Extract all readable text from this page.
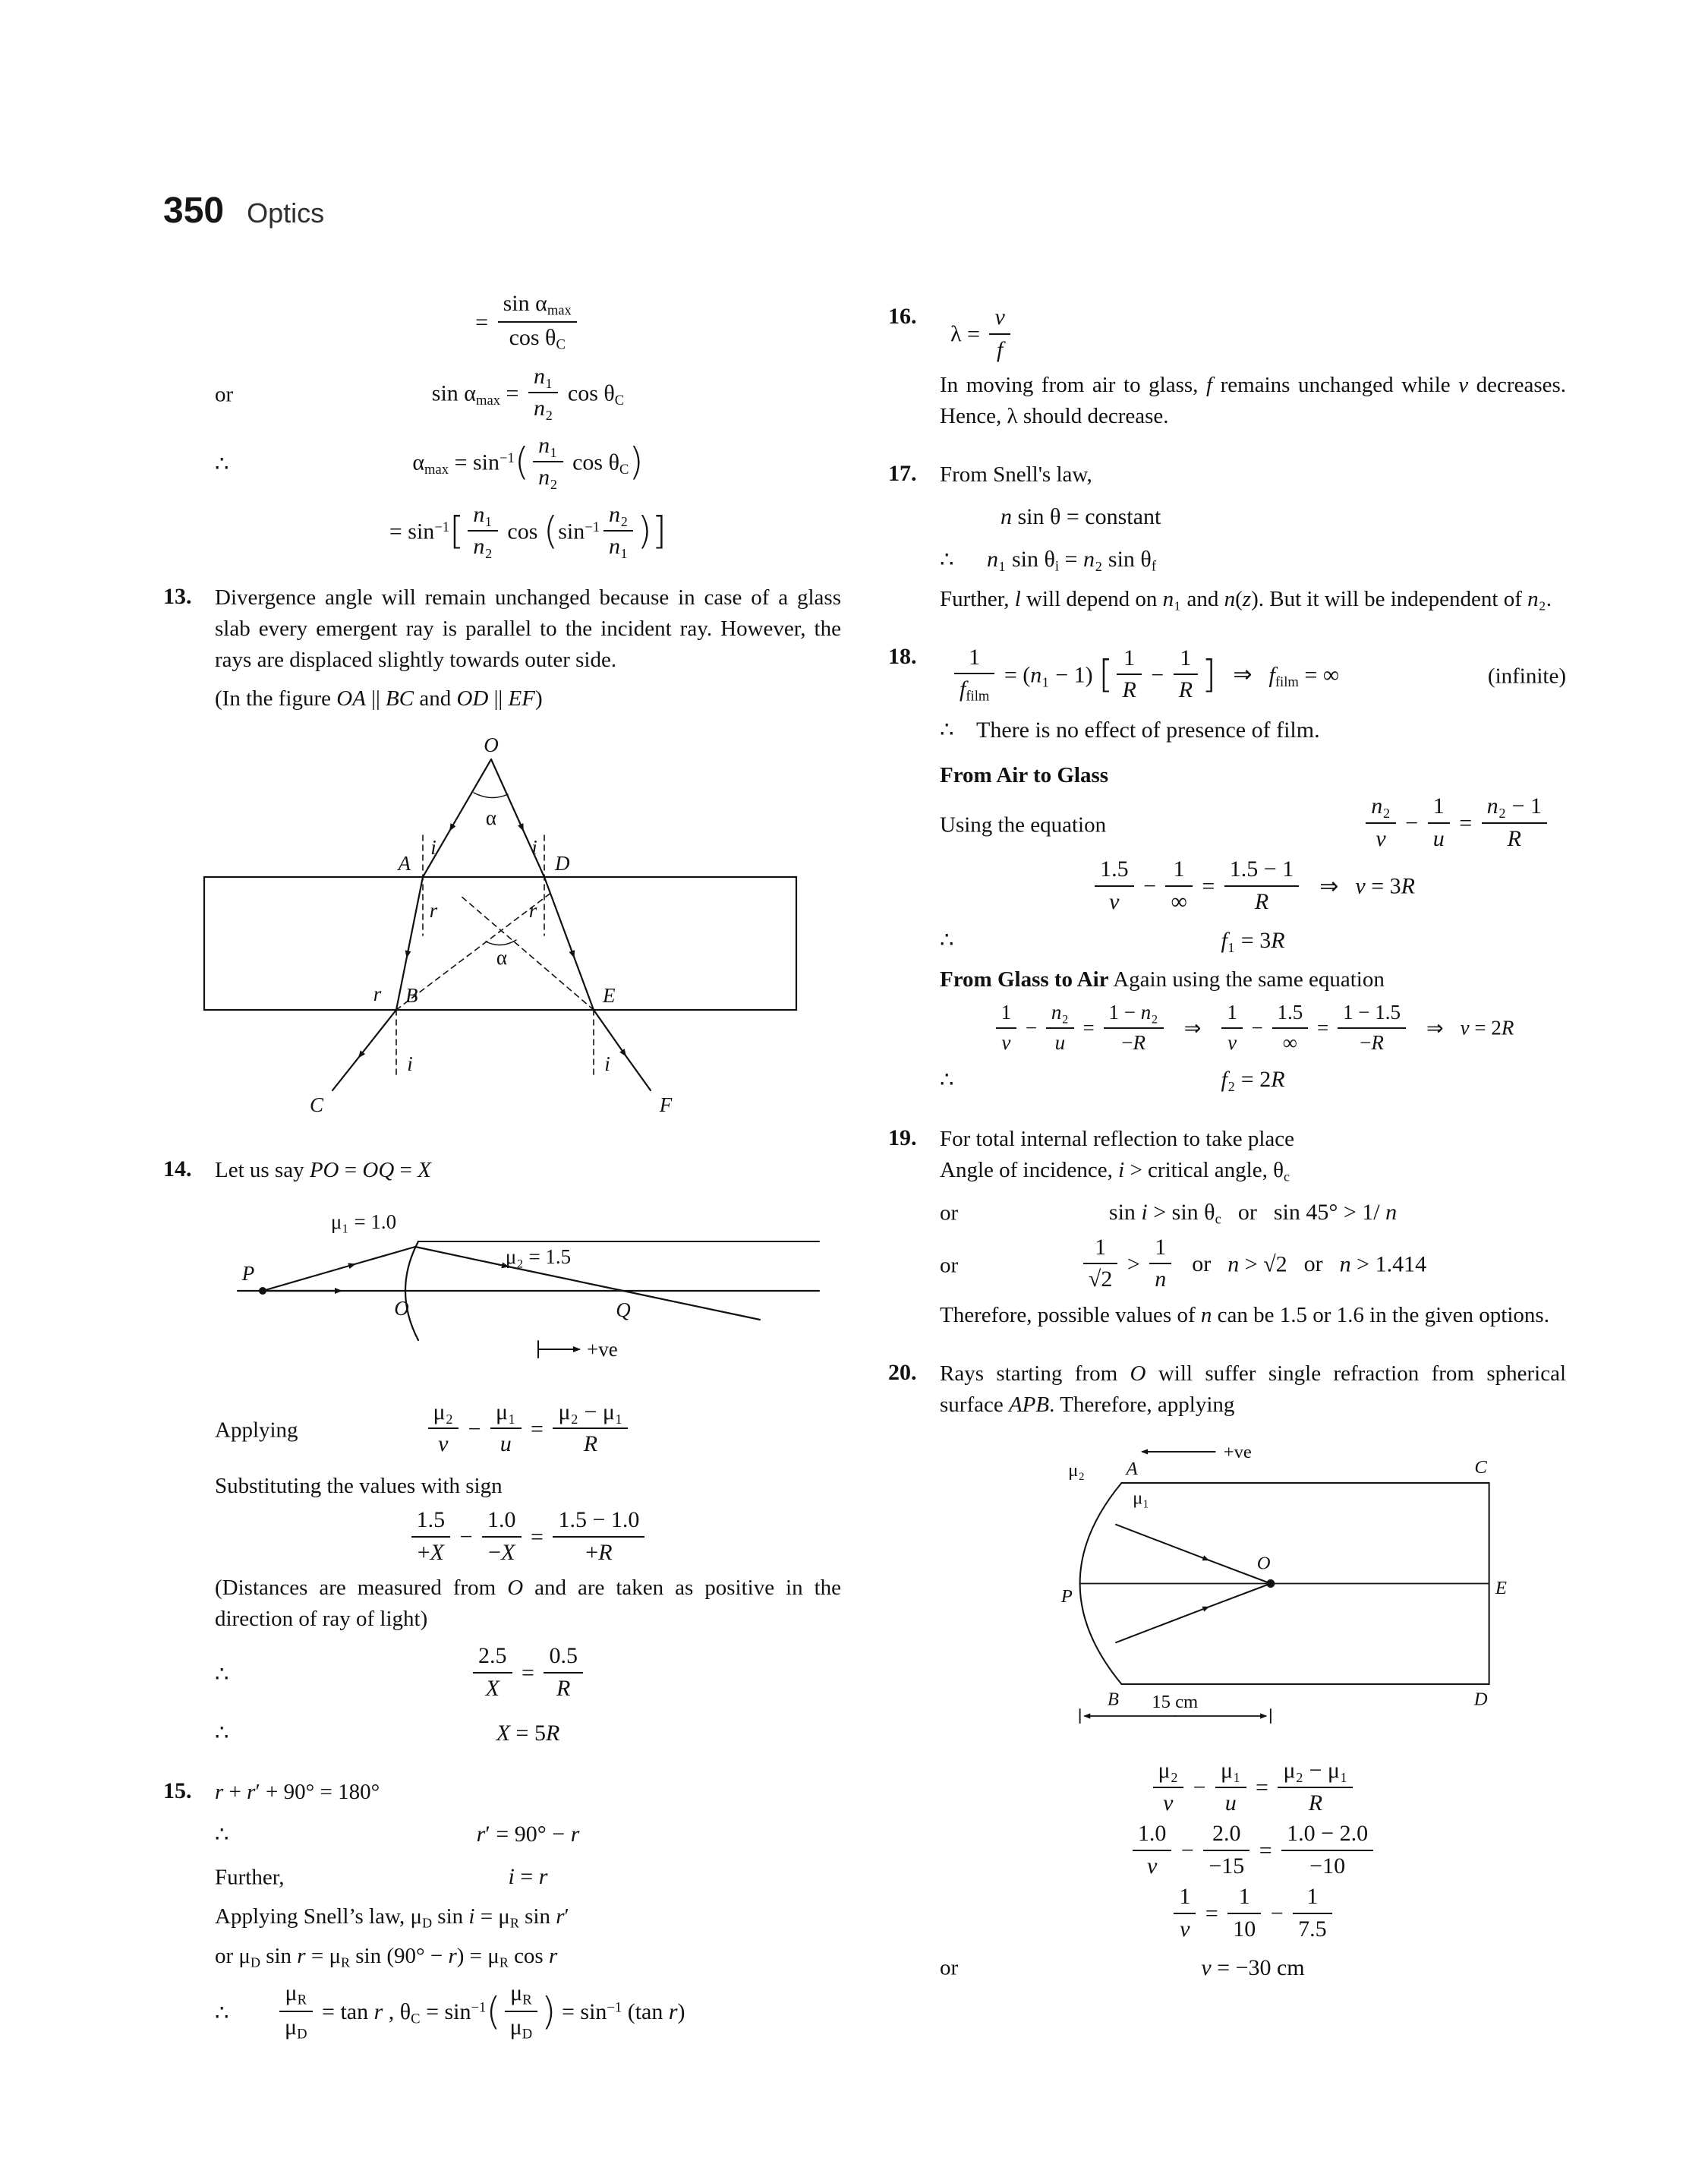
350 Optics
= $\frac{\text{sin αmax}}{\text{cos θC}}$
or	$\sin \alpha\max = \frac{\text{n₁}}{\text{n₂}}$ cos θC
∴	$\alpha\max = \sin^{-1}( \frac{\text{n₁}}{\text{n₂}}$ cos θC)
= $\sin^{-1}[ \frac{\text{n₁}}{\text{n₂}}$ $\cos (\sin^{-1} \frac{\text{n₂}}{\text{n₁}}$ )]
13.	Divergence angle will remain unchanged because in case of a glass slab every emergent ray is parallel to the incident ray. However, the rays are displaced slightly towards outer side.

(In the figure OA || BC and OD || EF)

O
α
i	i
A	D
r	r
α
r B	E
i	i
C	F
14.	Let us say PO = OQ = X

P
O	Q
μ₁ = 1.0
μ₂ = 1.5
+ve
Applying	$\frac{\text{μ₂}}{v} - \frac{\text{μ₁}}{u} = \frac{\text{μ₂ − μ₁}}{R}$

Substituting the values with sign

$\frac{1.5}{+X} - \frac{1.0}{-X} = \frac{1.5 - 1.0}{+R}$

(Distances are measured from O and are taken as positive in the direction of ray of light)

∴	$\frac{2.5}{X} = \frac{0.5}{R}$
∴	X = 5R
15.	r + r′ + 90° = 180°

∴	r′ = 90° − r
Further,	i = r

Applying Snell’s law, μD sin i = μR sin r′

or μD sin r = μR sin (90° − r) = μR cos r

∴ $\frac{\mu R}{\mu D} = \tan r$ , $\theta C = \sin^{-1}( \frac{\mu R}{\mu D}$ ) = $\sin^{-1} (\tan$ r)
16.
$\lambda = \frac{v}{f}$

In moving from air to glass, f remains unchanged while v decreases. Hence, λ should decrease.

17.	From Snell's law,

n sin θ = constant
∴ n₁ sin θi = n₂ sin θf

Further, l will depend on n₁ and n(z). But it will be independent of n₂.

18.	$\frac{1}{\text{ffilm}} = (n_1 - 1)$ [ $\frac{1}{R} - \frac{1}{R}$ ] ⇒ ffilm = ∞	(infinite)
∴ There is no effect of presence of film.

From Air to Glass

Using the equation	$\frac{\text{n₂}}{v} - \frac{1}{u} = \frac{\text{n₂ − 1}}{R}$
$\frac{1.5}{v} - \frac{1}{\infty} = \frac{1.5 - 1}{R}$ ⇒ v = 3R
∴	f₁ = 3R

From Glass to Air Again using the same equation

$\frac{1}{v} - \frac{\text{n₂}}{u} = \frac{\text{1 − n₂}}{-R}$ ⇒ $\frac{1}{v} - \frac{1.5}{\infty} = \frac{1 - 1.5}{-R}$ ⇒ v = 2R
∴	f₂ = 2R
19.	For total internal reflection to take place

Angle of incidence, i > critical angle, θc

or	sin i > sin θc or sin 45° > 1/ n
or	$\frac{1}{√2} > \frac{1}{n}$ or n > √2 or n > 1.414

Therefore, possible values of n can be 1.5 or 1.6 in the given options.

20.	Rays starting from O will suffer single refraction from spherical surface APB. Therefore, applying

+ve
μ₂
μ₁
A	C
P
O
E
B	D
15 cm
$\frac{\text{μ₂}}{v} - \frac{\text{μ₁}}{u} = \frac{\text{μ₂ − μ₁}}{R}$
$\frac{1.0}{v} - \frac{2.0}{-15} = \frac{1.0 - 2.0}{-10}$
$\frac{1}{v} = \frac{1}{10} - \frac{1}{7.5}$
or	v = −30 cm
